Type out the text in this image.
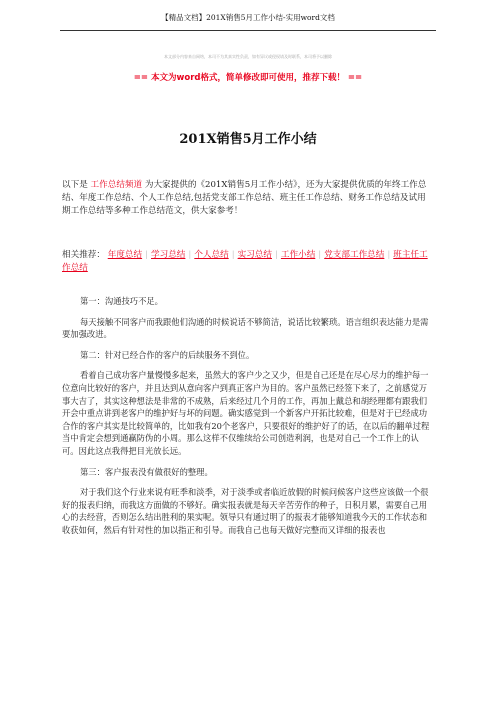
【精品文档】201X销售5月工作小结-实用word文档
本文部分内容来自网络，本司不为其真实性负责，如有异议或侵权请及时联系，本司将予以删除
== 本文为word格式，简单修改即可使用，推荐下载！ ==
201X销售5月工作小结
以下是 工作总结频道 为大家提供的《201X销售5月工作小结》，还为大家提供优质的年终工作总结、年度工作总结、个人工作总结,包括党支部工作总结、班主任工作总结、财务工作总结及试用期工作总结等多种工作总结范文，供大家参考！
相关推荐： 年度总结 | 学习总结 | 个人总结 | 实习总结 | 工作小结 | 党支部工作总结 | 班主任工作总结

第一：沟通技巧不足。

每天接触不同客户而我跟他们沟通的时候说话不够简洁，说话比较繁琐。语言组织表达能力是需要加强改进。

第二：针对已经合作的客户的后续服务不到位。

看着自己成功客户量慢慢多起来，虽然大的客户少之又少，但是自己还是在尽心尽力的维护每一位意向比较好的客户，并且达到从意向客户到真正客户为目的。客户虽然已经签下来了，之前感觉万事大吉了，其实这种想法是非常的不成熟，后来经过几个月的工作，再加上戴总和胡经理都有跟我们开会中重点讲到老客户的维护好与坏的问题。确实感觉到一个新客户开拓比较难，但是对于已经成功合作的客户其实是比较简单的，比如我有20个老客户，只要很好的维护好了的话，在以后的翻单过程当中肯定会想到通赢防伪的小周。那么这样不仅维续给公司创造利润，也是对自己一个工作上的认可。因此这点我得把目光放长远。

第三：客户报表没有做很好的整理。

对于我们这个行业来说有旺季和淡季，对于淡季或者临近放假的时候问候客户这些应该做一个很好的报表归纳，而我这方面做的不够好。确实报表就是每天辛苦劳作的种子，日积月累，需要自己用心的去经营，否则怎么结出胜利的果实呢。领导只有通过明了的报表才能够知道我今天的工作状态和收获如何，然后有针对性的加以指正和引导。而我自己也每天做好完整而又详细的报表也
